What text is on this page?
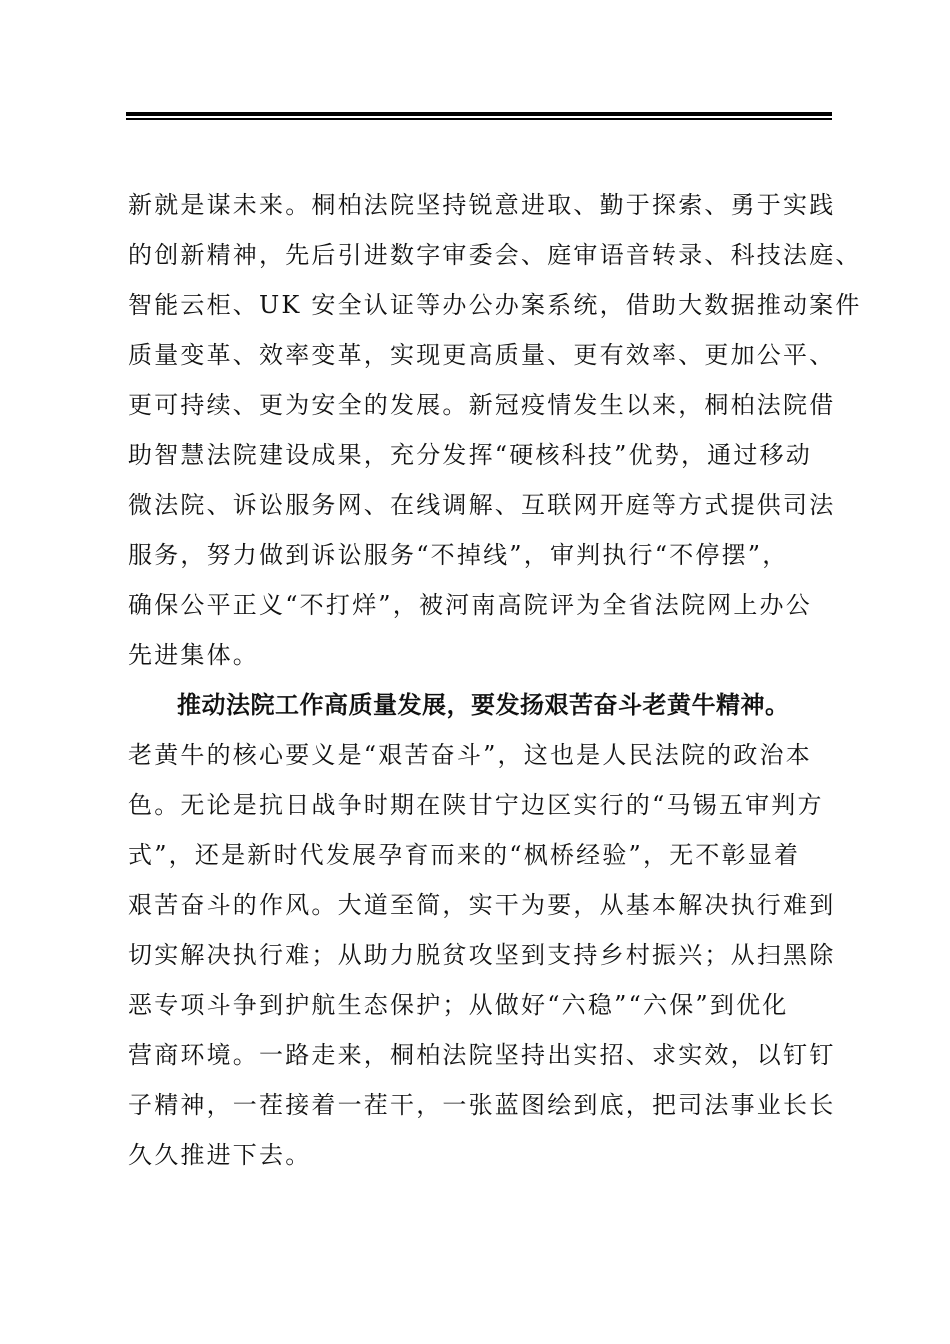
新就是谋未来。桐柏法院坚持锐意进取、勤于探索、勇于实践
的创新精神，先后引进数字审委会、庭审语音转录、科技法庭、
智能云柜、UK 安全认证等办公办案系统，借助大数据推动案件
质量变革、效率变革，实现更高质量、更有效率、更加公平、
更可持续、更为安全的发展。新冠疫情发生以来，桐柏法院借
助智慧法院建设成果，充分发挥“硬核科技”优势，通过移动
微法院、诉讼服务网、在线调解、互联网开庭等方式提供司法
服务，努力做到诉讼服务“不掉线”，审判执行“不停摆”，
确保公平正义“不打烊”，被河南高院评为全省法院网上办公
先进集体。
推动法院工作高质量发展，要发扬艰苦奋斗老黄牛精神。
老黄牛的核心要义是“艰苦奋斗”，这也是人民法院的政治本
色。无论是抗日战争时期在陕甘宁边区实行的“马锡五审判方
式”，还是新时代发展孕育而来的“枫桥经验”，无不彰显着
艰苦奋斗的作风。大道至简，实干为要，从基本解决执行难到
切实解决执行难；从助力脱贫攻坚到支持乡村振兴；从扫黑除
恶专项斗争到护航生态保护；从做好“六稳”“六保”到优化
营商环境。一路走来，桐柏法院坚持出实招、求实效，以钉钉
子精神，一茬接着一茬干，一张蓝图绘到底，把司法事业长长
久久推进下去。
